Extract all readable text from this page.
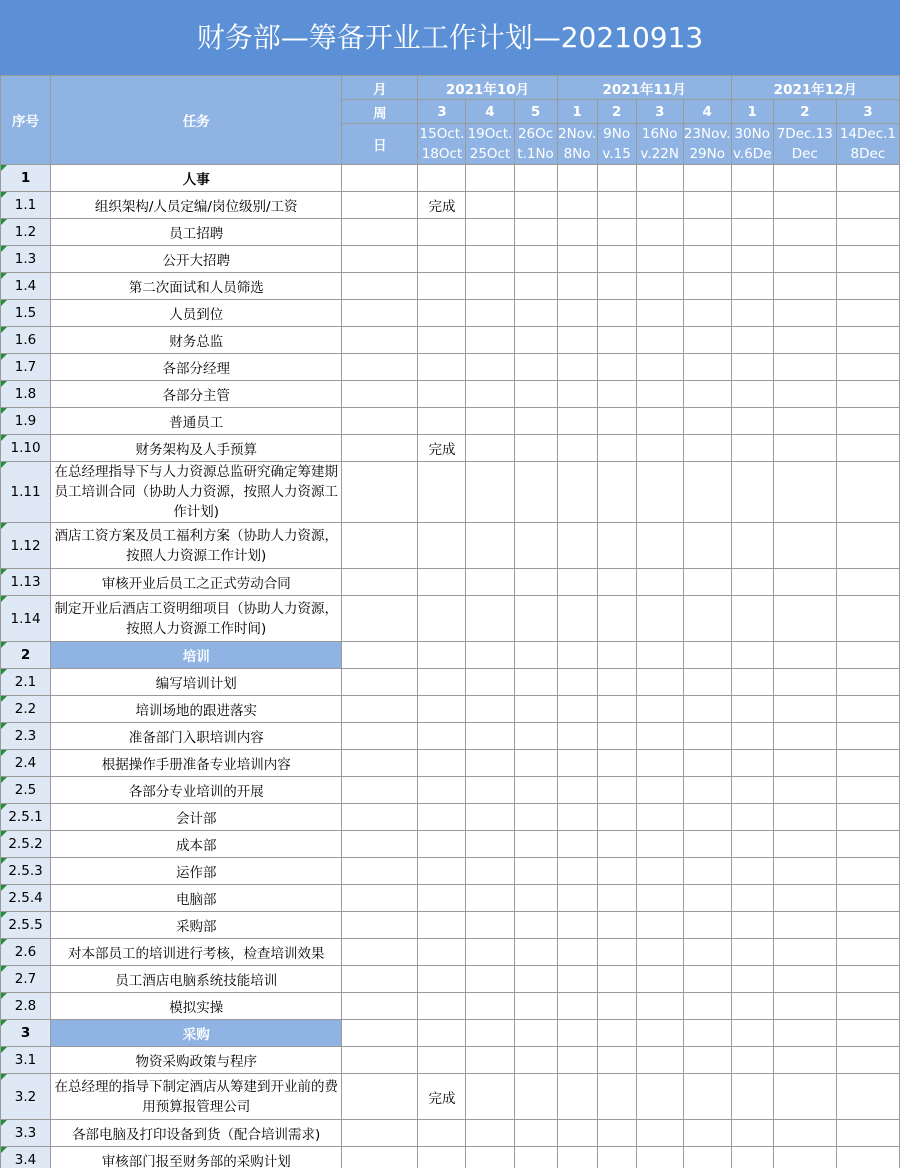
财务部—筹备开业工作计划—20210913
序号	任务	月	2021年10月			2021年11月				2021年12月		
		周	3	4	5	1	2	3	4	1	2	3
		日	15Oct.18Oct	19Oct.25Oct	26Oct.1No	2Nov.8No	9Nov.15	16Nov.22N	23Nov.29No	30Nov.6De	7Dec.13Dec	14Dec.18Dec
1	人事											
1.1	组织架构/人员定编/岗位级别/工资		完成									
1.2	员工招聘											
1.3	公开大招聘											
1.4	第二次面试和人员筛选											
1.5	人员到位											
1.6	财务总监											
1.7	各部分经理											
1.8	各部分主管											
1.9	普通员工											
1.10	财务架构及人手预算		完成									
1.11	在总经理指导下与人力资源总监研究确定筹建期员工培训合同（协助人力资源，按照人力资源工作计划)											
1.12	酒店工资方案及员工福利方案（协助人力资源，按照人力资源工作计划)											
1.13	审核开业后员工之正式劳动合同											
1.14	制定开业后酒店工资明细项目（协助人力资源，按照人力资源工作时间)											
2	培训											
2.1	编写培训计划											
2.2	培训场地的跟进落实											
2.3	准备部门入职培训内容											
2.4	根据操作手册准备专业培训内容											
2.5	各部分专业培训的开展											
2.5.1	会计部											
2.5.2	成本部											
2.5.3	运作部											
2.5.4	电脑部											
2.5.5	采购部											
2.6	对本部员工的培训进行考核，检查培训效果											
2.7	员工酒店电脑系统技能培训											
2.8	模拟实操											
3	采购											
3.1	物资采购政策与程序											
3.2	在总经理的指导下制定酒店从筹建到开业前的费用预算报管理公司		完成									
3.3	各部电脑及打印设备到货（配合培训需求)											
3.4	审核部门报至财务部的采购计划											
